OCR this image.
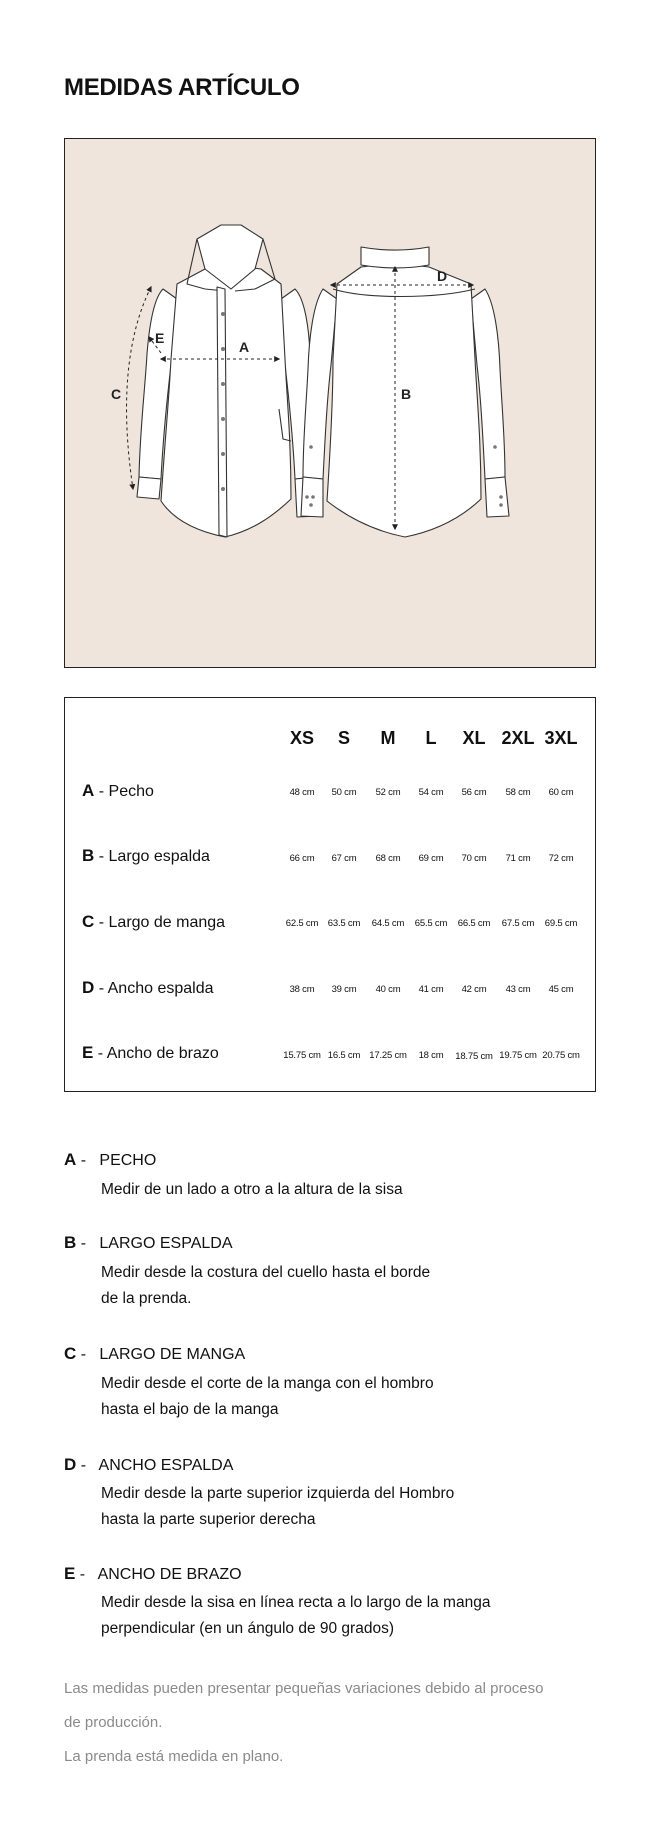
MEDIDAS ARTÍCULO
A
B
C
D
E
XS	S	M	L	XL 2XL 3XL
A - Pecho	48 cm	50 cm	52 cm	54 cm	56 cm	58 cm	60 cm
B - Largo espalda	66 cm	67 cm	68 cm	69 cm	70 cm	71 cm	72 cm
C - Largo de manga	62.5 cm	63.5 cm	64.5 cm	65.5 cm	66.5 cm	67.5 cm	69.5 cm
D - Ancho espalda	38 cm	39 cm	40 cm	41 cm	42 cm	43 cm	45 cm
E - Ancho de brazo	15.75 cm 16.5 cm 17.25 cm	18 cm	18.75 cm 19.75 cm 20.75 cm
A -   PECHO
Medir de un lado a otro a la altura de la sisa
B -   LARGO ESPALDA
Medir desde la costura del cuello hasta el borde
de la prenda.
C -   LARGO DE MANGA
Medir desde el corte de la manga con el hombro
hasta el bajo de la manga
D -   ANCHO ESPALDA
Medir desde la parte superior izquierda del Hombro
hasta la parte superior derecha
E -   ANCHO DE BRAZO
Medir desde la sisa en línea recta a lo largo de la manga
perpendicular (en un ángulo de 90 grados)
Las medidas pueden presentar pequeñas variaciones debido al proceso
de producción.
La prenda está medida en plano.
